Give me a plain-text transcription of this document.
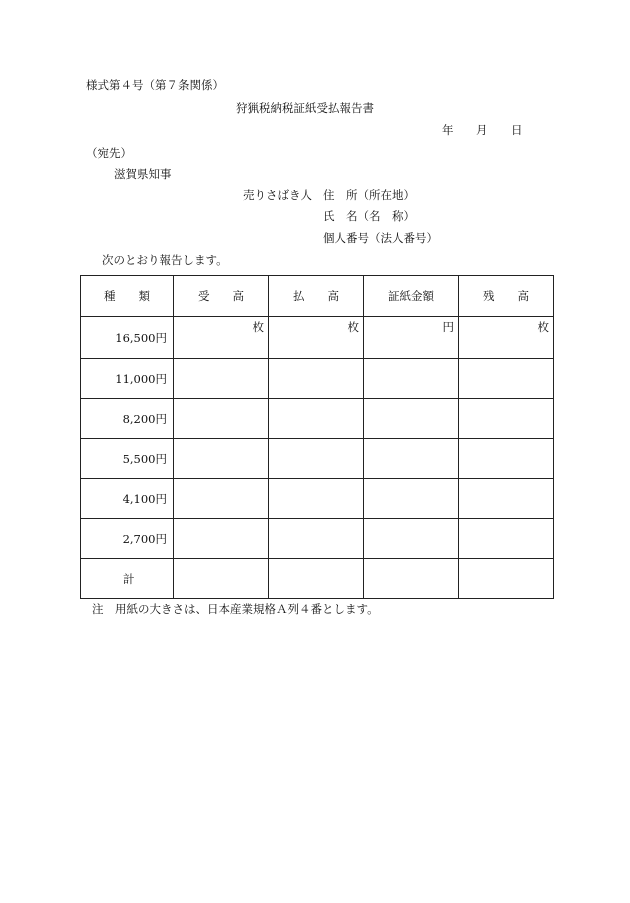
様式第４号（第７条関係）
狩猟税納税証紙受払報告書
年 月 日
（宛先）
滋賀県知事
売りさばき人 住　所（所在地）
氏　名（名　称）
個人番号（法人番号）
次のとおり報告します。
種　　類	受　　高	払　　高	証紙金額	残　　高
16,500円	枚	枚	円	枚
11,000円				
8,200円				
5,500円				
4,100円				
2,700円				
計				
注　用紙の大きさは、日本産業規格Ａ列４番とします。
